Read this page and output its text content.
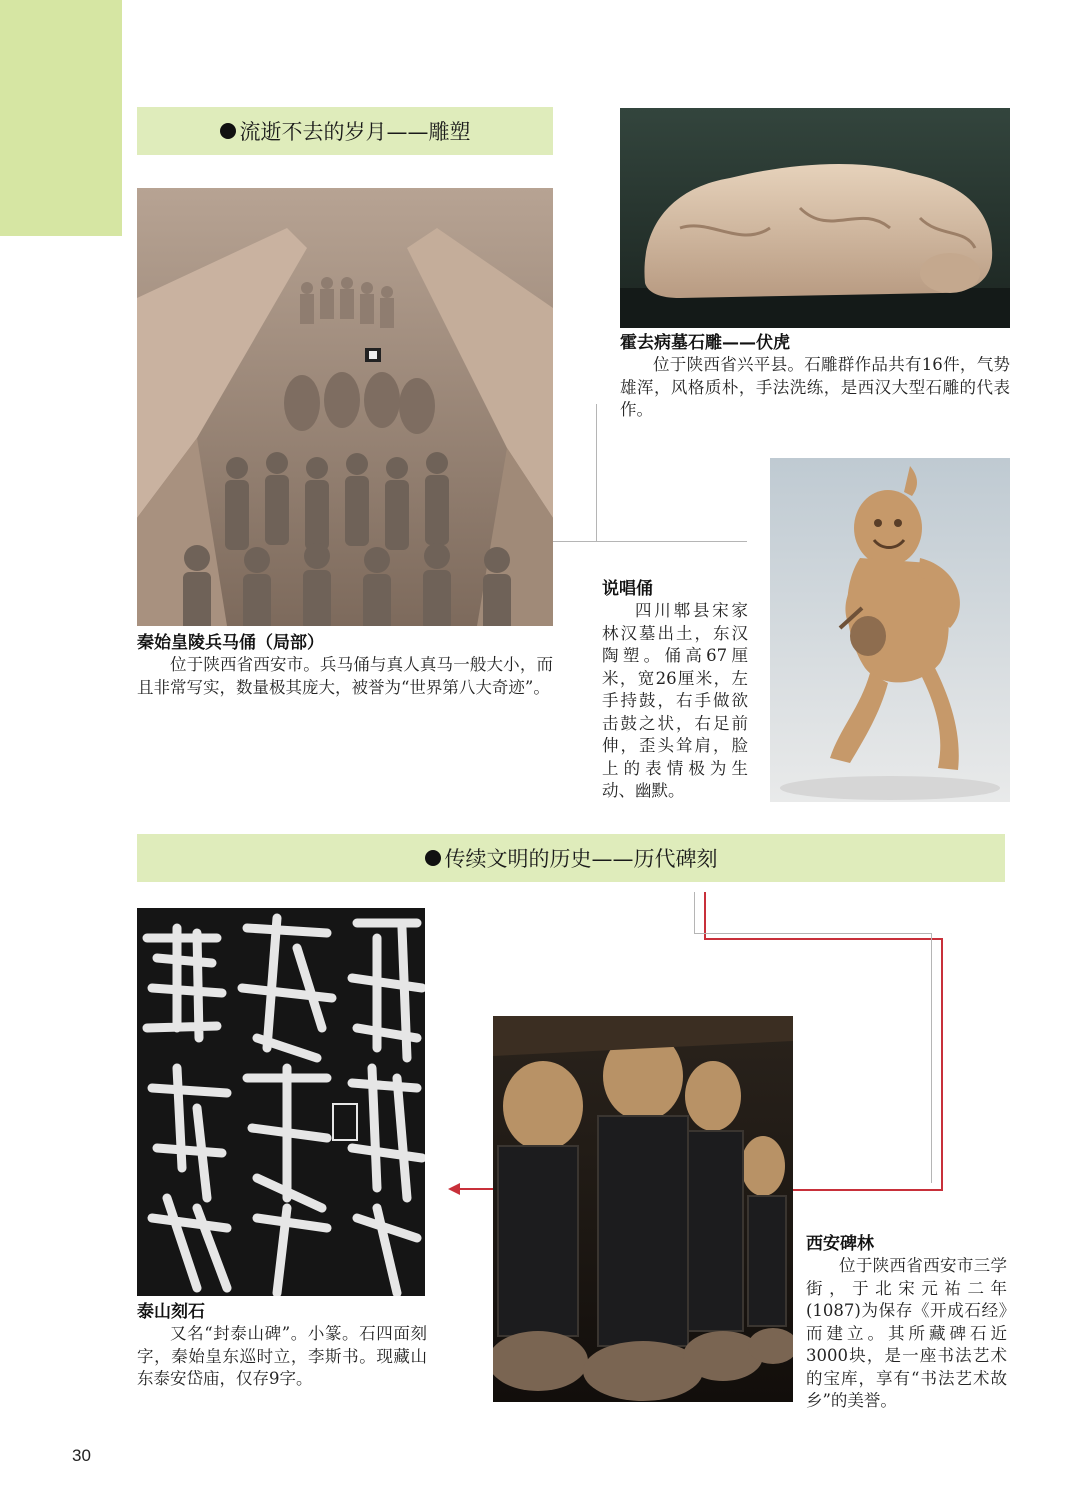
流逝不去的岁月——雕塑
秦始皇陵兵马俑（局部）
位于陕西省西安市。兵马俑与真人真马一般大小，而且非常写实，数量极其庞大，被誉为“世界第八大奇迹”。
霍去病墓石雕——伏虎
位于陕西省兴平县。石雕群作品共有16件，气势雄浑，风格质朴，手法洗练，是西汉大型石雕的代表作。
说唱俑
四川郫县宋家林汉墓出土，东汉陶塑。俑高67厘米，宽26厘米，左手持鼓，右手做欲击鼓之状，右足前伸，歪头耸肩，脸上的表情极为生动、幽默。
传续文明的历史——历代碑刻
泰山刻石
又名“封泰山碑”。小篆。石四面刻字，秦始皇东巡时立，李斯书。现藏山东泰安岱庙，仅存9字。
西安碑林
位于陕西省西安市三学街，于北宋元祐二年(1087)为保存《开成石经》而建立。其所藏碑石近3000块，是一座书法艺术的宝库，享有“书法艺术故乡”的美誉。
30
